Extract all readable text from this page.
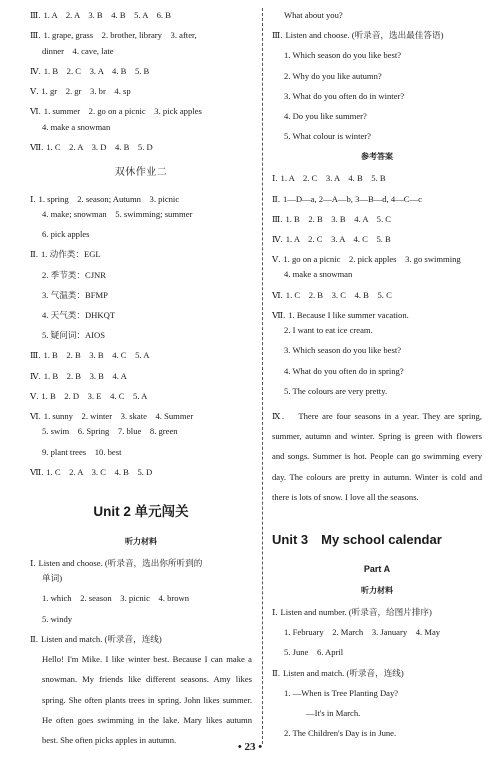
Ⅲ. 1. A　2. A　3. B　4. B　5. A　6. B
Ⅲ. 1. grape, grass　2. brother, library　3. after,
dinner　4. cave, late
Ⅳ. 1. B　2. C　3. A　4. B　5. B
Ⅴ. 1. gr　2. gr　3. br　4. sp
Ⅵ. 1. summer　2. go on a picnic　3. pick apples
4. make a snowman
Ⅶ. 1. C　2. A　3. D　4. B　5. D
双休作业二
Ⅰ. 1. spring　2. season; Autumn　3. picnic
4. make; snowman　5. swimming; summer
6. pick apples
Ⅱ. 1. 动作类：EGL
2. 季节类：CJNR
3. 气温类：BFMP
4. 天气类：DHKQT
5. 疑问词：AIOS
Ⅲ. 1. B　2. B　3. B　4. C　5. A
Ⅳ. 1. B　2. B　3. B　4. A
Ⅴ. 1. B　2. D　3. E　4. C　5. A
Ⅵ. 1. sunny　2. winter　3. skate　4. Summer
5. swim　6. Spring　7. blue　8. green
9. plant trees　10. best
Ⅶ. 1. C　2. A　3. C　4. B　5. D
Unit 2 单元闯关
听力材料
Ⅰ. Listen and choose. (听录音，选出你所听到的
单词)
1. which　2. season　3. picnic　4. brown
5. windy
Ⅱ. Listen and match. (听录音，连线)
Hello! I'm Mike. I like winter best. Because I can make a snowman. My friends like different seasons. Amy likes spring. She often plants trees in spring. John likes summer. He often goes swimming in the lake. Mary likes autumn best. She often picks apples in autumn.
What about you?
Ⅲ. Listen and choose. (听录音，选出最佳答语)
1. Which season do you like best?
2. Why do you like autumn?
3. What do you often do in winter?
4. Do you like summer?
5. What colour is winter?
参考答案
Ⅰ. 1. A　2. C　3. A　4. B　5. B
Ⅱ. 1—D—a, 2—A—b, 3—B—d, 4—C—c
Ⅲ. 1. B　2. B　3. B　4. A　5. C
Ⅳ. 1. A　2. C　3. A　4. C　5. B
Ⅴ. 1. go on a picnic　2. pick apples　3. go swimming
4. make a snowman
Ⅵ. 1. C　2. B　3. C　4. B　5. C
Ⅶ. 1. Because I like summer vacation.
2. I want to eat ice cream.
3. Which season do you like best?
4. What do you often do in spring?
5. The colours are very pretty.
Ⅸ. There are four seasons in a year. They are spring, summer, autumn and winter. Spring is green with flowers and songs. Summer is hot. People can go swimming every day. The colours are pretty in autumn. Winter is cold and there is lots of snow. I love all the seasons.
Unit 3　My school calendar
Part A
听力材料
Ⅰ. Listen and number. (听录音，给图片排序)
1. February　2. March　3. January　4. May
5. June　6. April
Ⅱ. Listen and match. (听录音，连线)
1. —When is Tree Planting Day?
—It's in March.
2. The Children's Day is in June.
• 23 •
